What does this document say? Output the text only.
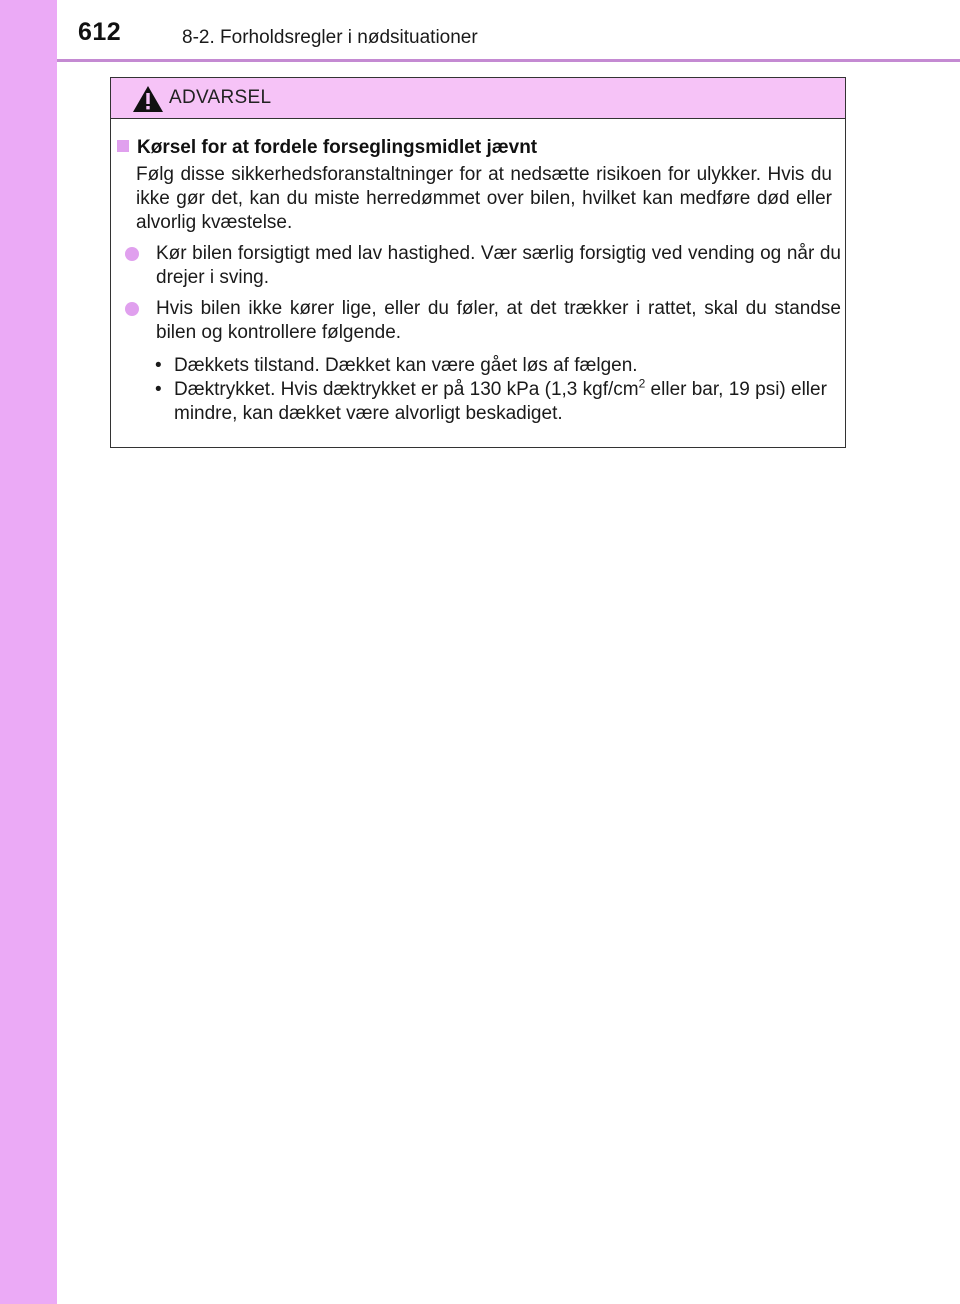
612	8-2. Forholdsregler i nødsituationer
ADVARSEL
Kørsel for at fordele forseglingsmidlet jævnt
Følg disse sikkerhedsforanstaltninger for at nedsætte risikoen for ulykker. Hvis du ikke gør det, kan du miste herredømmet over bilen, hvilket kan medføre død eller alvorlig kvæstelse.
Kør bilen forsigtigt med lav hastighed. Vær særlig forsigtig ved vending og når du drejer i sving.
Hvis bilen ikke kører lige, eller du føler, at det trækker i rattet, skal du standse bilen og kontrollere følgende.
• Dækkets tilstand. Dækket kan være gået løs af fælgen.
• Dæktrykket. Hvis dæktrykket er på 130 kPa (1,3 kgf/$cm^2$ eller bar, 19 psi) eller mindre, kan dækket være alvorligt beskadiget.
